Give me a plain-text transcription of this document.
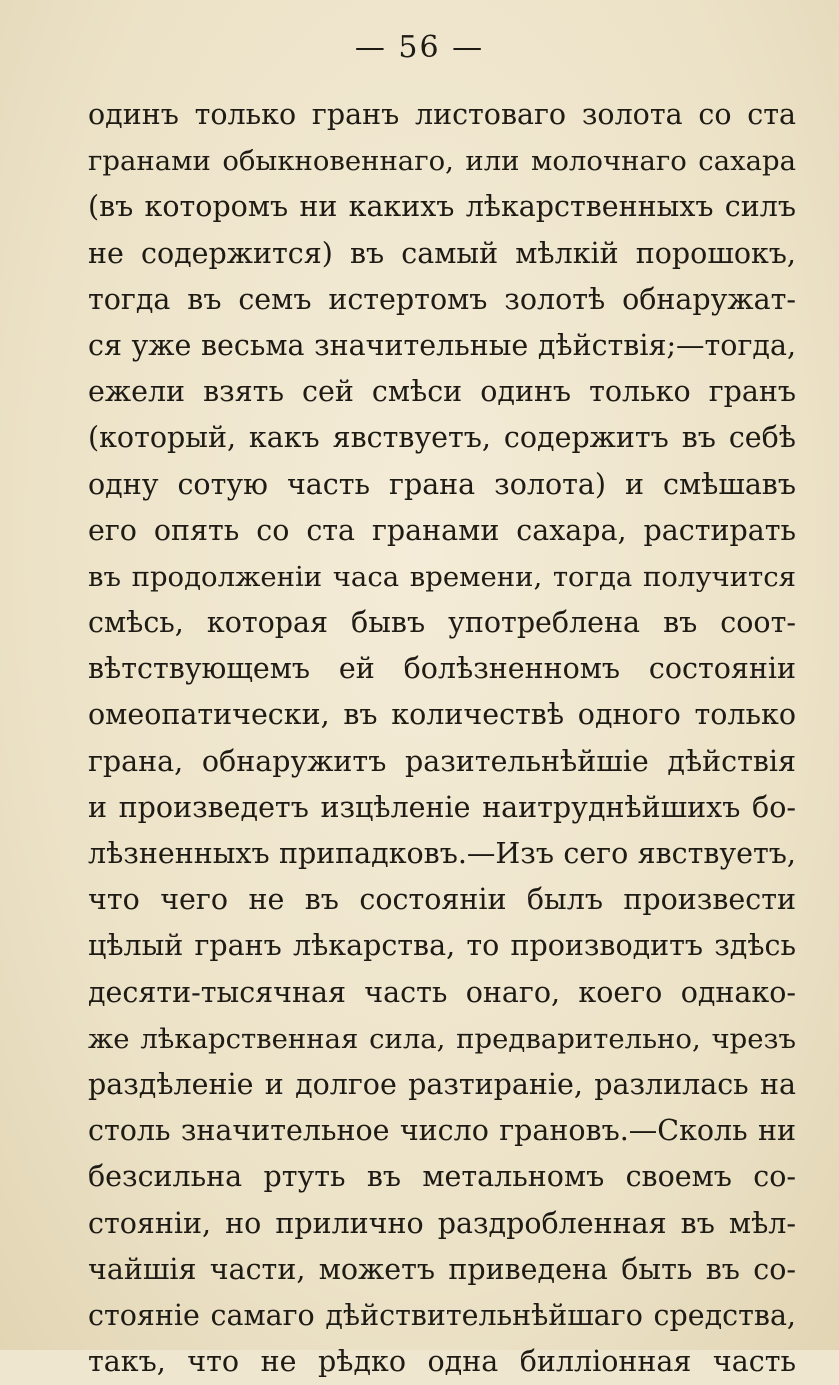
— 56 —
одинъ только гранъ листоваго золота со ста
гранами обыкновеннаго, или молочнаго сахара
(въ которомъ ни какихъ лѣкарственныхъ силъ
не содержится) въ самый мѣлкій порошокъ,
тогда въ семъ истертомъ золотѣ обнаружат-
ся уже весьма значительные дѣйствія;—тогда,
ежели взять сей смѣси одинъ только гранъ
(который, какъ явствуетъ, содержитъ въ себѣ
одну сотую часть грана золота) и смѣшавъ
его опять со ста гранами сахара, растирать
въ продолженіи часа времени, тогда получится
смѣсь, которая бывъ употреблена въ соот-
вѣтствующемъ ей болѣзненномъ состояніи
омеопатически, въ количествѣ одного только
грана, обнаружитъ разительнѣйшіе дѣйствія
и произведетъ изцѣленіе наитруднѣйшихъ бо-
лѣзненныхъ припадковъ.—Изъ сего явствуетъ,
что чего не въ состояніи былъ произвести
цѣлый гранъ лѣкарства, то производитъ здѣсь
десяти-тысячная часть онаго, коего однако-
же лѣкарственная сила, предварительно, чрезъ
раздѣленіе и долгое разтираніе, разлилась на
столь значительное число грановъ.—Сколь ни
безсильна ртуть въ метальномъ своемъ со-
стояніи, но прилично раздробленная въ мѣл-
чайшія части, можетъ приведена быть въ со-
стояніе самаго дѣйствительнѣйшаго средства,
такъ, что не рѣдко одна билліонная часть
